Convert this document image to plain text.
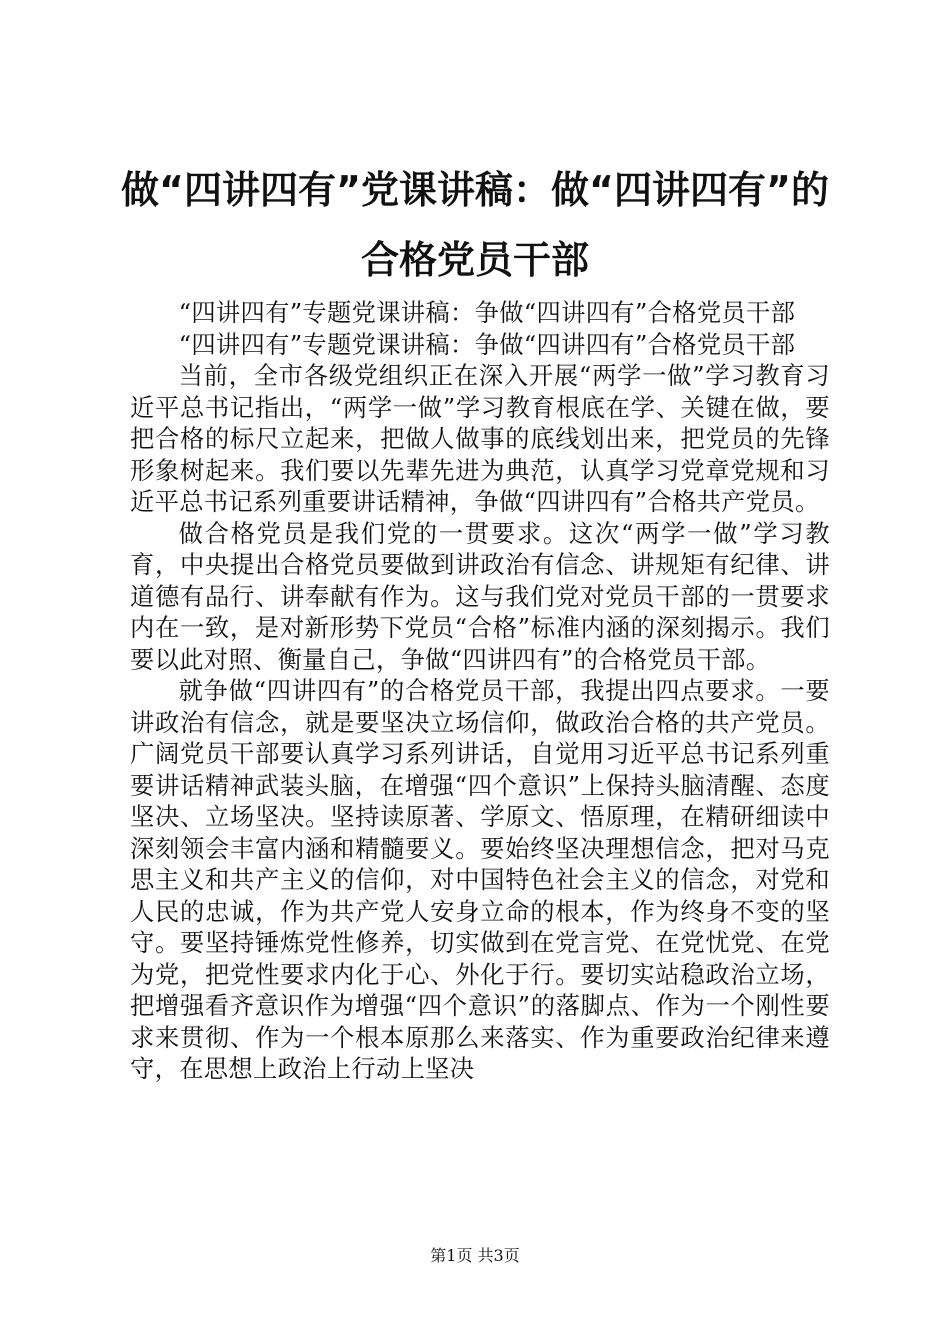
做“四讲四有”党课讲稿：做“四讲四有”的
合格党员干部

“四讲四有”专题党课讲稿：争做“四讲四有”合格党员干部

“四讲四有”专题党课讲稿：争做“四讲四有”合格党员干部

当前，全市各级党组织正在深入开展“两学一做”学习教育习近平总书记指出，“两学一做”学习教育根底在学、关键在做，要把合格的标尺立起来，把做人做事的底线划出来，把党员的先锋形象树起来。我们要以先辈先进为典范，认真学习党章党规和习近平总书记系列重要讲话精神，争做“四讲四有”合格共产党员。

做合格党员是我们党的一贯要求。这次“两学一做”学习教育，中央提出合格党员要做到讲政治有信念、讲规矩有纪律、讲道德有品行、讲奉献有作为。这与我们党对党员干部的一贯要求内在一致，是对新形势下党员“合格”标准内涵的深刻揭示。我们要以此对照、衡量自己，争做“四讲四有”的合格党员干部。

就争做“四讲四有”的合格党员干部，我提出四点要求。一要讲政治有信念，就是要坚决立场信仰，做政治合格的共产党员。广阔党员干部要认真学习系列讲话，自觉用习近平总书记系列重要讲话精神武装头脑，在增强“四个意识”上保持头脑清醒、态度坚决、立场坚决。坚持读原著、学原文、悟原理，在精研细读中深刻领会丰富内涵和精髓要义。要始终坚决理想信念，把对马克思主义和共产主义的信仰，对中国特色社会主义的信念，对党和人民的忠诚，作为共产党人安身立命的根本，作为终身不变的坚守。要坚持锤炼党性修养，切实做到在党言党、在党忧党、在党为党，把党性要求内化于心、外化于行。要切实站稳政治立场，把增强看齐意识作为增强“四个意识”的落脚点、作为一个刚性要求来贯彻、作为一个根本原那么来落实、作为重要政治纪律来遵守，在思想上政治上行动上坚决

第1页 共3页
